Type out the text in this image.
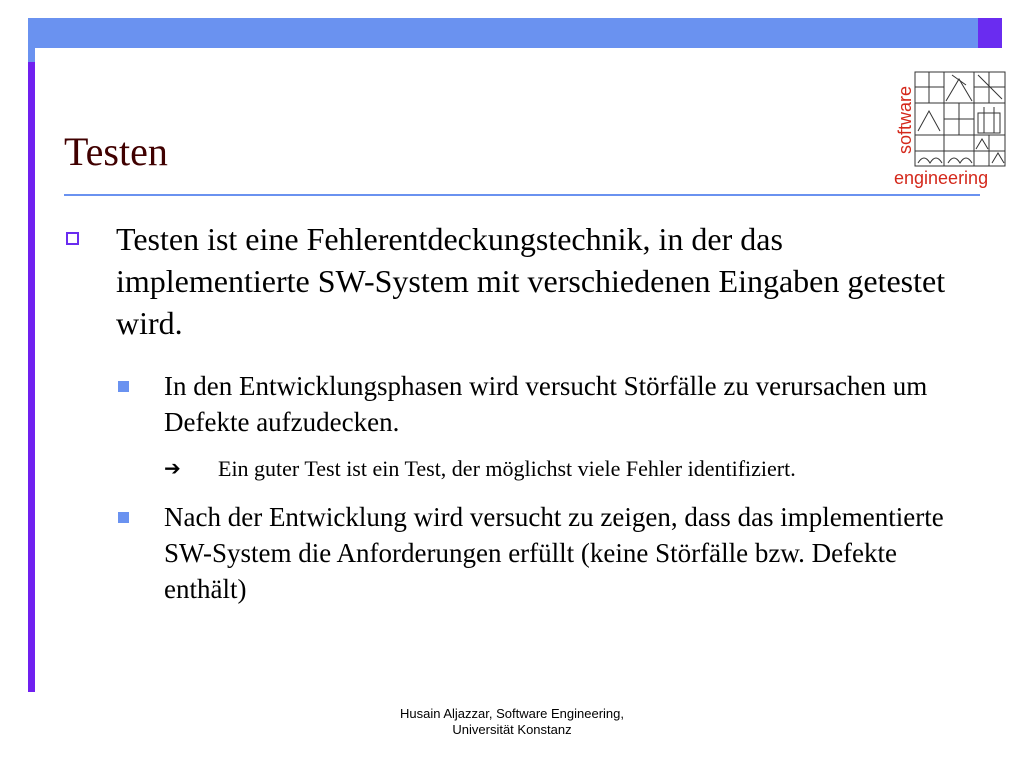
Testen	software
engineering
Testen ist eine Fehlerentdeckungstechnik, in der das implementierte SW-System mit verschiedenen Eingaben getestet wird.
In den Entwicklungsphasen wird versucht Störfälle zu verursachen um Defekte aufzudecken.
➔ Ein guter Test ist ein Test, der möglichst viele Fehler identifiziert.
Nach der Entwicklung wird versucht zu zeigen, dass das implementierte SW-System die Anforderungen erfüllt (keine Störfälle bzw. Defekte enthält)
Husain Aljazzar, Software Engineering,
Universität Konstanz
